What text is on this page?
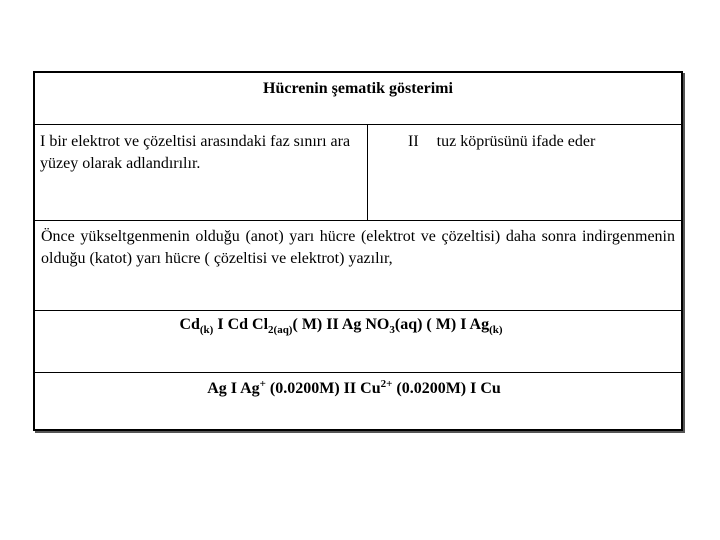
Hücrenin şematik gösterimi
I bir elektrot ve çözeltisi arasındaki faz sınırı ara yüzey olarak adlandırılır.
II tuz köprüsünü ifade eder
Önce yükseltgenmenin olduğu (anot) yarı hücre (elektrot ve çözeltisi) daha sonra indirgenmenin olduğu (katot) yarı hücre ( çözeltisi ve elektrot) yazılır,
$Cd_{(k)}$ I Cd $Cl_{2(aq)}$( M) II Ag $NO_3(aq)$ ( M) I $Ag_{(k)}$
Ag I Ag+ (0.0200M) II $Cu^{2+}$ (0.0200M) I Cu
